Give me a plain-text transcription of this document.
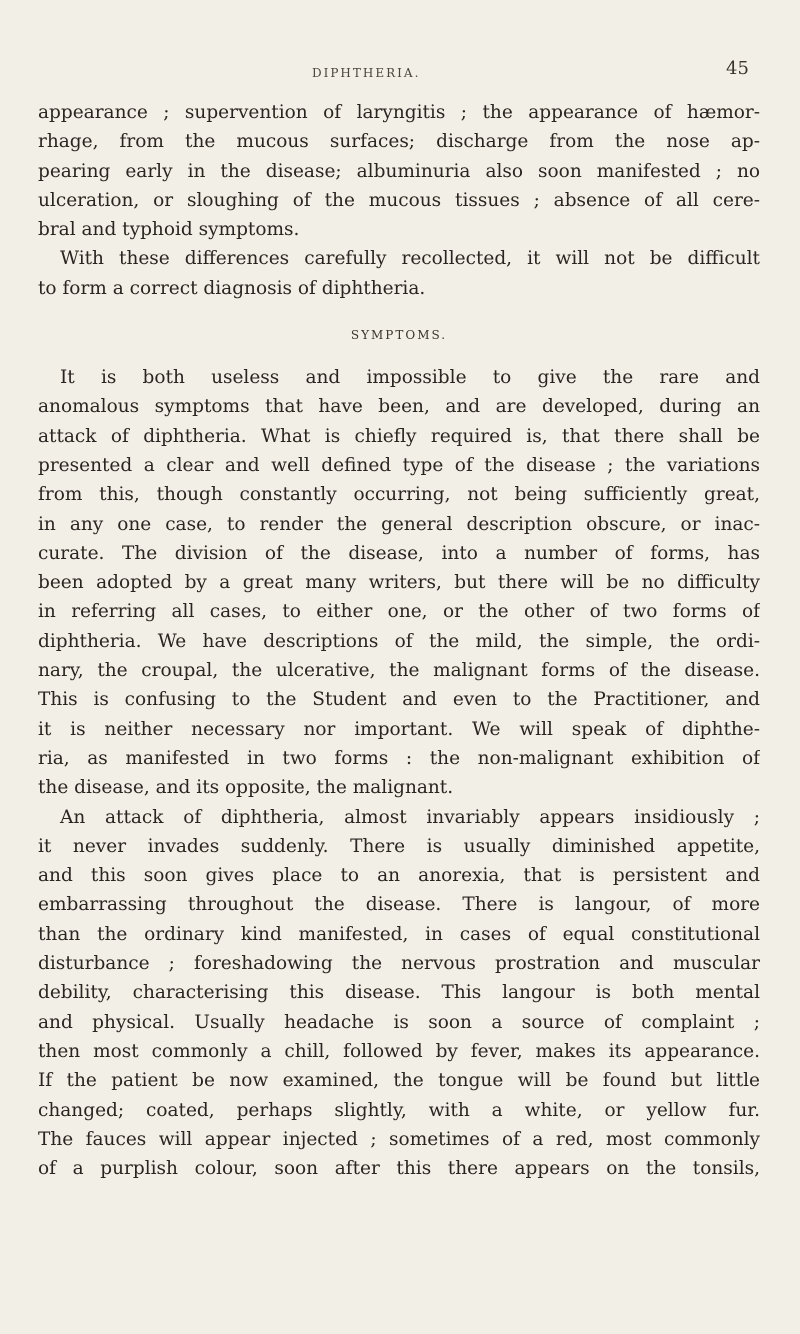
DIPHTHERIA.	45
appearance ; supervention of laryngitis ; the appearance of hæmor-
rhage, from the mucous surfaces; discharge from the nose ap-
pearing early in the disease; albuminuria also soon manifested ; no
ulceration, or sloughing of the mucous tissues ; absence of all cere-
bral and typhoid symptoms.
With these differences carefully recollected, it will not be difficult
to form a correct diagnosis of diphtheria.
SYMPTOMS.
It is both useless and impossible to give the rare and
anomalous symptoms that have been, and are developed, during an
attack of diphtheria. What is chiefly required is, that there shall be
presented a clear and well defined type of the disease ; the variations
from this, though constantly occurring, not being sufficiently great,
in any one case, to render the general description obscure, or inac-
curate. The division of the disease, into a number of forms, has
been adopted by a great many writers, but there will be no difficulty
in referring all cases, to either one, or the other of two forms of
diphtheria. We have descriptions of the mild, the simple, the ordi-
nary, the croupal, the ulcerative, the malignant forms of the disease.
This is confusing to the Student and even to the Practitioner, and
it is neither necessary nor important. We will speak of diphthe-
ria, as manifested in two forms : the non-malignant exhibition of
the disease, and its opposite, the malignant.
An attack of diphtheria, almost invariably appears insidiously ;
it never invades suddenly. There is usually diminished appetite,
and this soon gives place to an anorexia, that is persistent and
embarrassing throughout the disease. There is langour, of more
than the ordinary kind manifested, in cases of equal constitutional
disturbance ; foreshadowing the nervous prostration and muscular
debility, characterising this disease. This langour is both mental
and physical. Usually headache is soon a source of complaint ;
then most commonly a chill, followed by fever, makes its appearance.
If the patient be now examined, the tongue will be found but little
changed; coated, perhaps slightly, with a white, or yellow fur.
The fauces will appear injected ; sometimes of a red, most commonly
of a purplish colour, soon after this there appears on the tonsils,
